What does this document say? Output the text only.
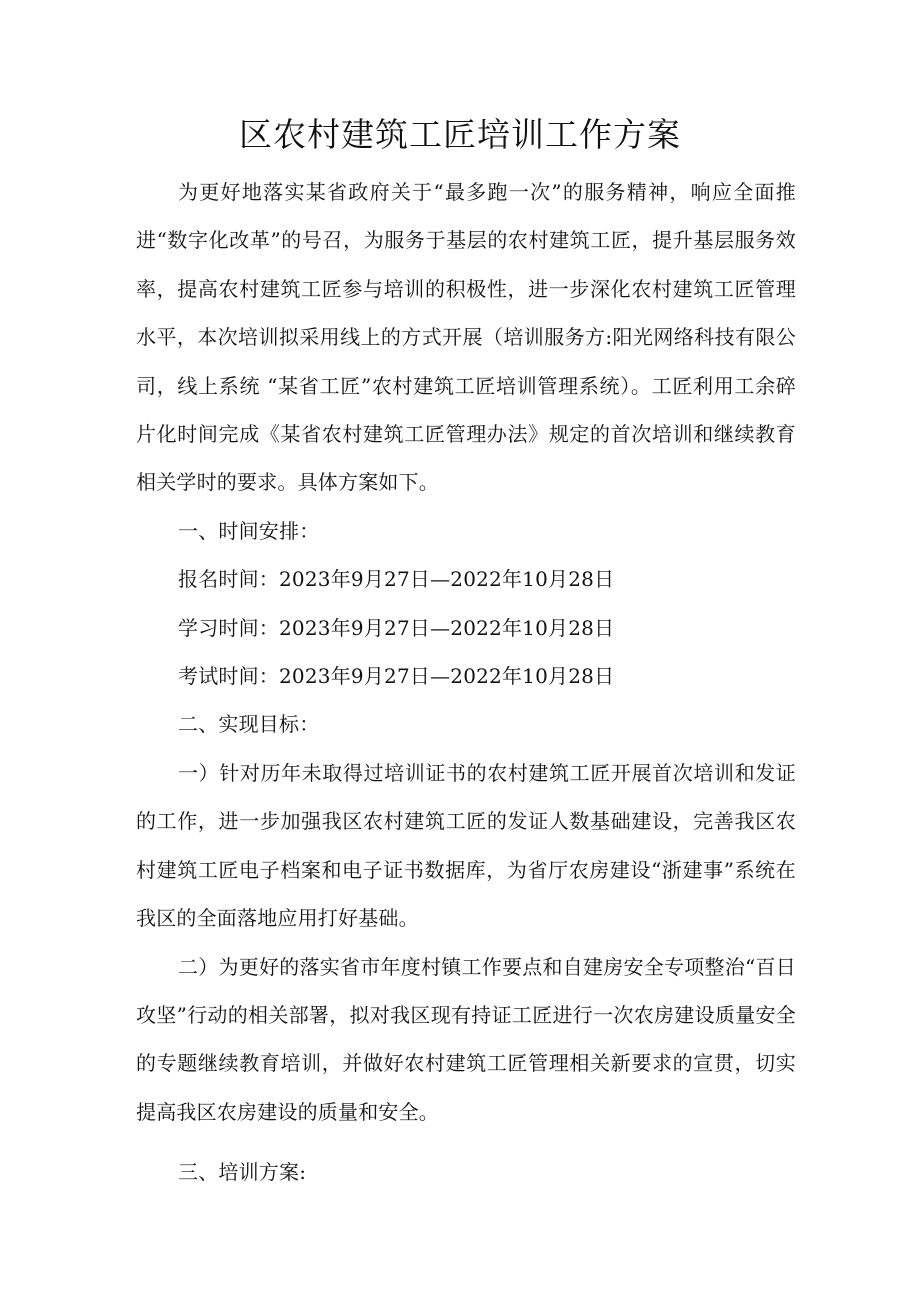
区农村建筑工匠培训工作方案

为更好地落实某省政府关于“最多跑一次”的服务精神，响应全面推进“数字化改革”的号召，为服务于基层的农村建筑工匠，提升基层服务效率，提高农村建筑工匠参与培训的积极性，进一步深化农村建筑工匠管理水平，本次培训拟采用线上的方式开展（培训服务方:阳光网络科技有限公司，线上系统 “某省工匠”农村建筑工匠培训管理系统）。工匠利用工余碎片化时间完成《某省农村建筑工匠管理办法》规定的首次培训和继续教育相关学时的要求。具体方案如下。

一、时间安排：

报名时间：2023年9月27日—2022年10月28日

学习时间：2023年9月27日—2022年10月28日

考试时间：2023年9月27日—2022年10月28日

二、实现目标：

一）针对历年未取得过培训证书的农村建筑工匠开展首次培训和发证的工作，进一步加强我区农村建筑工匠的发证人数基础建设，完善我区农村建筑工匠电子档案和电子证书数据库，为省厅农房建设“浙建事”系统在我区的全面落地应用打好基础。

二）为更好的落实省市年度村镇工作要点和自建房安全专项整治“百日攻坚”行动的相关部署，拟对我区现有持证工匠进行一次农房建设质量安全的专题继续教育培训，并做好农村建筑工匠管理相关新要求的宣贯，切实提高我区农房建设的质量和安全。

三、培训方案:
